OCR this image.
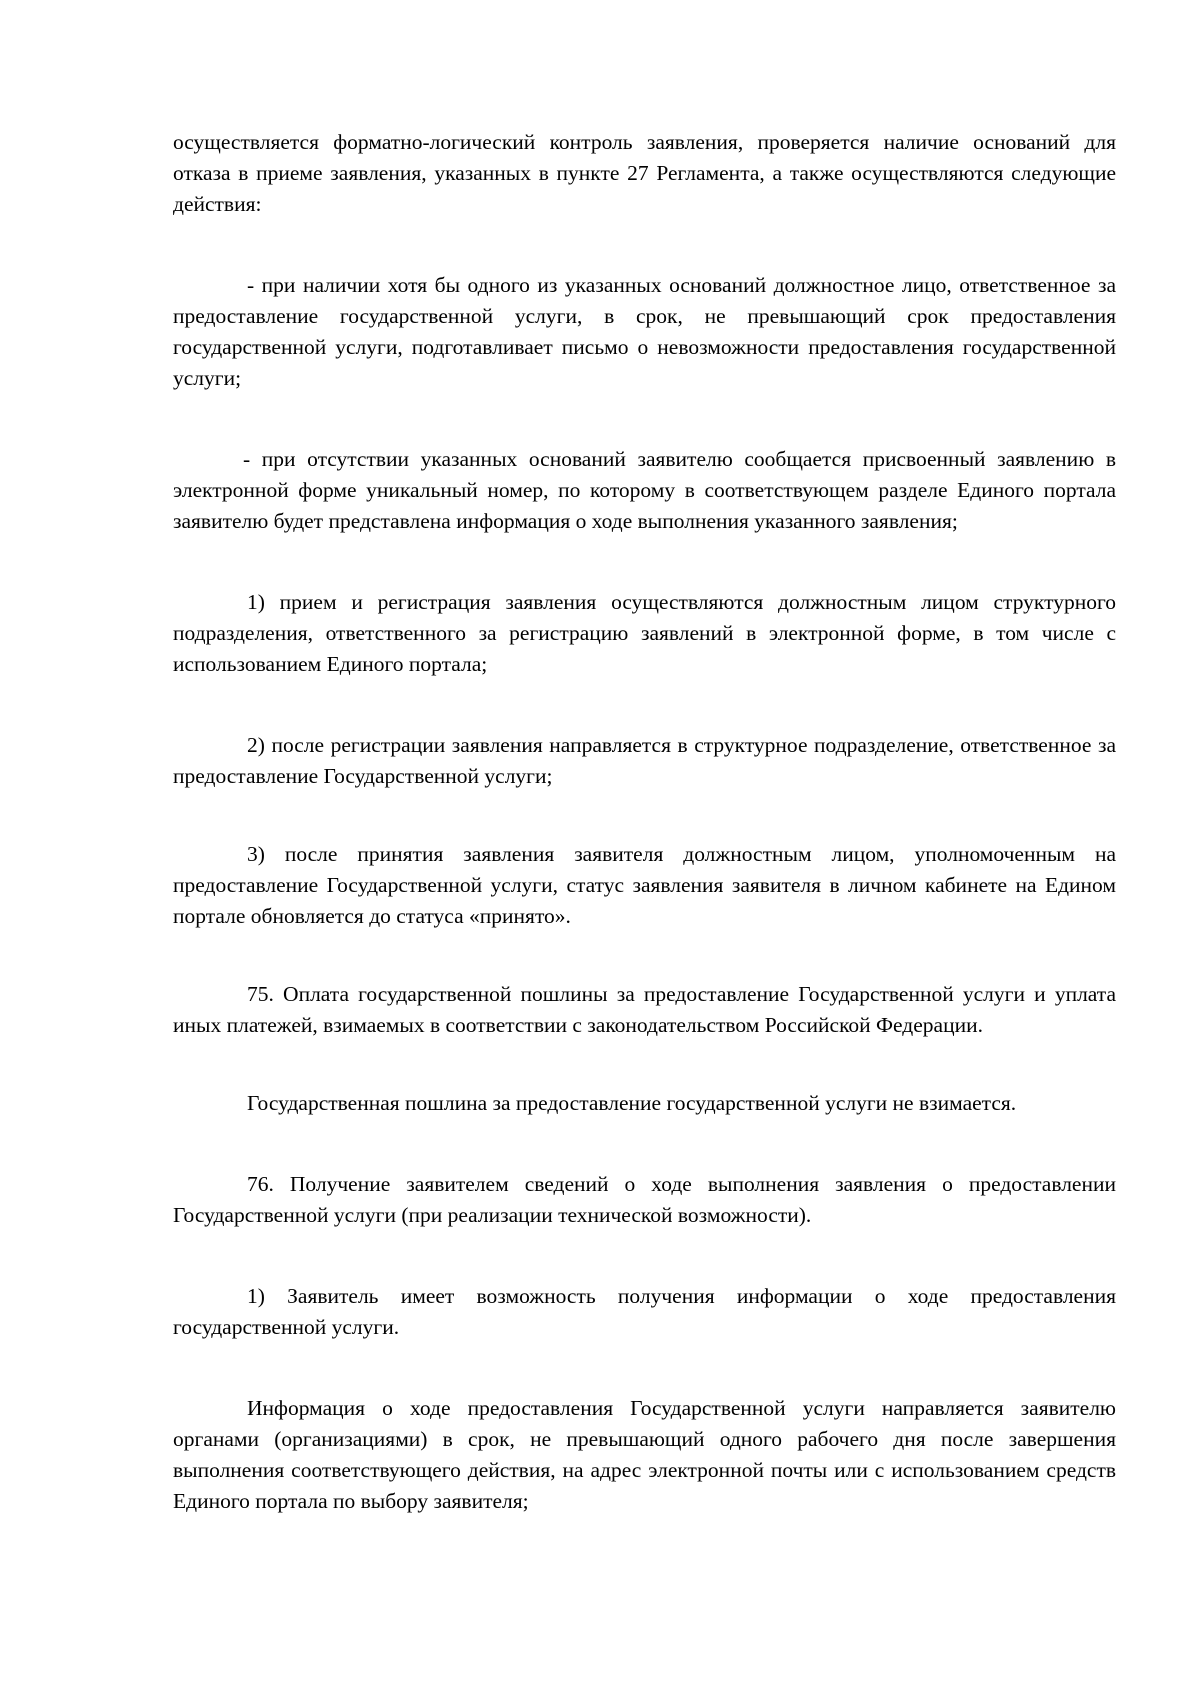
осуществляется форматно-логический контроль заявления, проверяется наличие оснований для отказа в приеме заявления, указанных в пункте 27 Регламента, а также осуществляются следующие действия:

- при наличии хотя бы одного из указанных оснований должностное лицо, ответственное за предоставление государственной услуги, в срок, не превышающий срок предоставления государственной услуги, подготавливает письмо о невозможности предоставления государственной услуги;

- при отсутствии указанных оснований заявителю сообщается присвоенный заявлению в электронной форме уникальный номер, по которому в соответствующем разделе Единого портала заявителю будет представлена информация о ходе выполнения указанного заявления;

1) прием и регистрация заявления осуществляются должностным лицом структурного подразделения, ответственного за регистрацию заявлений в электронной форме, в том числе с использованием Единого портала;

2) после регистрации заявления направляется в структурное подразделение, ответственное за предоставление Государственной услуги;

3) после принятия заявления заявителя должностным лицом, уполномоченным на предоставление Государственной услуги, статус заявления заявителя в личном кабинете на Едином портале обновляется до статуса «принято».

75. Оплата государственной пошлины за предоставление Государственной услуги и уплата иных платежей, взимаемых в соответствии с законодательством Российской Федерации.

Государственная пошлина за предоставление государственной услуги не взимается.

76. Получение заявителем сведений о ходе выполнения заявления о предоставлении Государственной услуги (при реализации технической возможности).

1) Заявитель имеет возможность получения информации о ходе предоставления государственной услуги.

Информация о ходе предоставления Государственной услуги направляется заявителю органами (организациями) в срок, не превышающий одного рабочего дня после завершения выполнения соответствующего действия, на адрес электронной почты или с использованием средств Единого портала по выбору заявителя;
